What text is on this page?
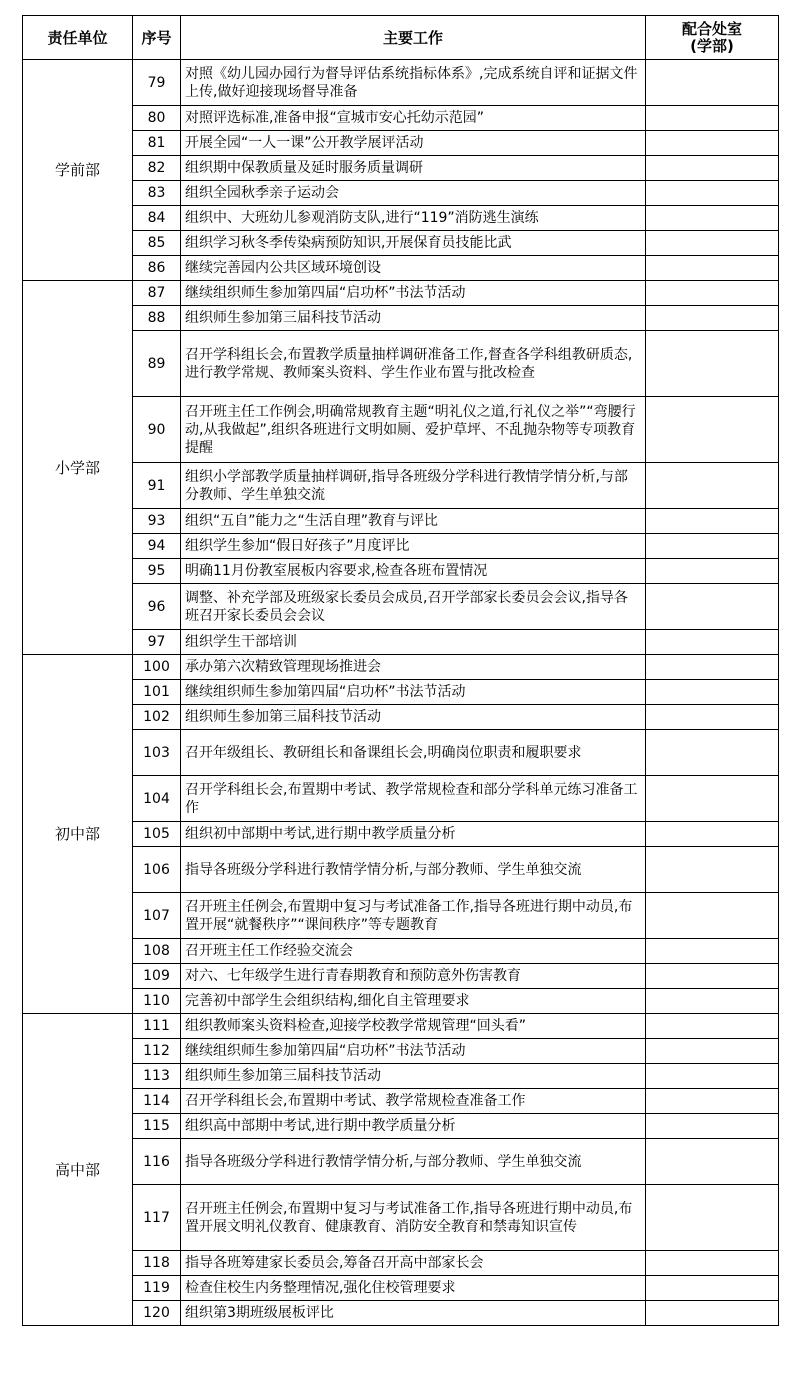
责任单位	序号	主要工作	配合处室
(学部)

学前部	79	对照《幼儿园办园行为督导评估系统指标体系》,完成系统自评和证据文件上传,做好迎接现场督导准备	
	80	对照评选标准,准备申报“宣城市安心托幼示范园”	
	81	开展全园“一人一课”公开教学展评活动	
	82	组织期中保教质量及延时服务质量调研	
	83	组织全园秋季亲子运动会	
	84	组织中、大班幼儿参观消防支队,进行“119”消防逃生演练	
	85	组织学习秋冬季传染病预防知识,开展保育员技能比武	
	86	继续完善园内公共区域环境创设	
小学部	87	继续组织师生参加第四届“启功杯”书法节活动	
	88	组织师生参加第三届科技节活动	
	89	召开学科组长会,布置教学质量抽样调研准备工作,督查各学科组教研质态,进行教学常规、教师案头资料、学生作业布置与批改检查	
	90	召开班主任工作例会,明确常规教育主题“明礼仪之道,行礼仪之举”“弯腰行动,从我做起”,组织各班进行文明如厕、爱护草坪、不乱抛杂物等专项教育提醒	
	91	组织小学部教学质量抽样调研,指导各班级分学科进行教情学情分析,与部分教师、学生单独交流	
	93	组织“五自”能力之“生活自理”教育与评比	
	94	组织学生参加“假日好孩子”月度评比	
	95	明确11月份教室展板内容要求,检查各班布置情况	
	96	调整、补充学部及班级家长委员会成员,召开学部家长委员会会议,指导各班召开家长委员会会议	
	97	组织学生干部培训	
初中部	100	承办第六次精致管理现场推进会	
	101	继续组织师生参加第四届“启功杯”书法节活动	
	102	组织师生参加第三届科技节活动	
	103	召开年级组长、教研组长和备课组长会,明确岗位职责和履职要求	
	104	召开学科组长会,布置期中考试、教学常规检查和部分学科单元练习准备工作	
	105	组织初中部期中考试,进行期中教学质量分析	
	106	指导各班级分学科进行教情学情分析,与部分教师、学生单独交流	
	107	召开班主任例会,布置期中复习与考试准备工作,指导各班进行期中动员,布置开展“就餐秩序”“课间秩序”等专题教育	
	108	召开班主任工作经验交流会	
	109	对六、七年级学生进行青春期教育和预防意外伤害教育	
	110	完善初中部学生会组织结构,细化自主管理要求	
高中部	111	组织教师案头资料检查,迎接学校教学常规管理“回头看”	
	112	继续组织师生参加第四届“启功杯”书法节活动	
	113	组织师生参加第三届科技节活动	
	114	召开学科组长会,布置期中考试、教学常规检查准备工作	
	115	组织高中部期中考试,进行期中教学质量分析	
	116	指导各班级分学科进行教情学情分析,与部分教师、学生单独交流	
	117	召开班主任例会,布置期中复习与考试准备工作,指导各班进行期中动员,布置开展文明礼仪教育、健康教育、消防安全教育和禁毒知识宣传	
	118	指导各班筹建家长委员会,筹备召开高中部家长会	
	119	检查住校生内务整理情况,强化住校管理要求	
	120	组织第3期班级展板评比	
